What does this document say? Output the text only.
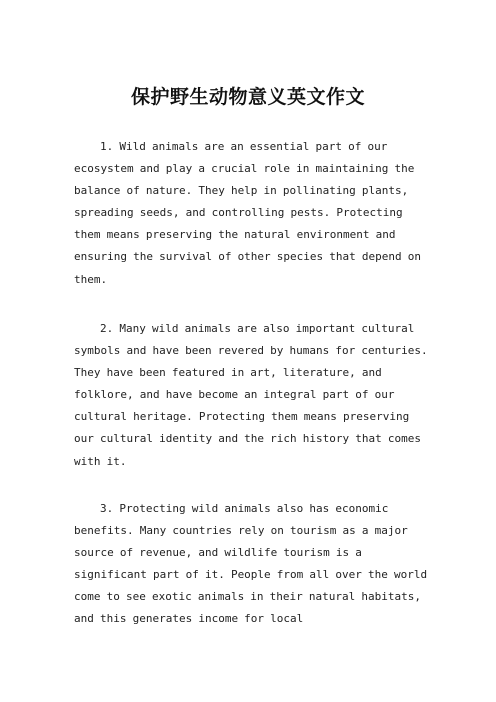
保护野生动物意义英文作文

1. Wild animals are an essential part of our ecosystem and play a crucial role in maintaining the balance of nature. They help in pollinating plants, spreading seeds, and controlling pests. Protecting them means preserving the natural environment and ensuring the survival of other species that depend on them.

2. Many wild animals are also important cultural symbols and have been revered by humans for centuries. They have been featured in art, literature, and folklore, and have become an integral part of our cultural heritage. Protecting them means preserving our cultural identity and the rich history that comes with it.

3. Protecting wild animals also has economic benefits. Many countries rely on tourism as a major source of revenue, and wildlife tourism is a significant part of it. People from all over the world come to see exotic animals in their natural habitats, and this generates income for local
